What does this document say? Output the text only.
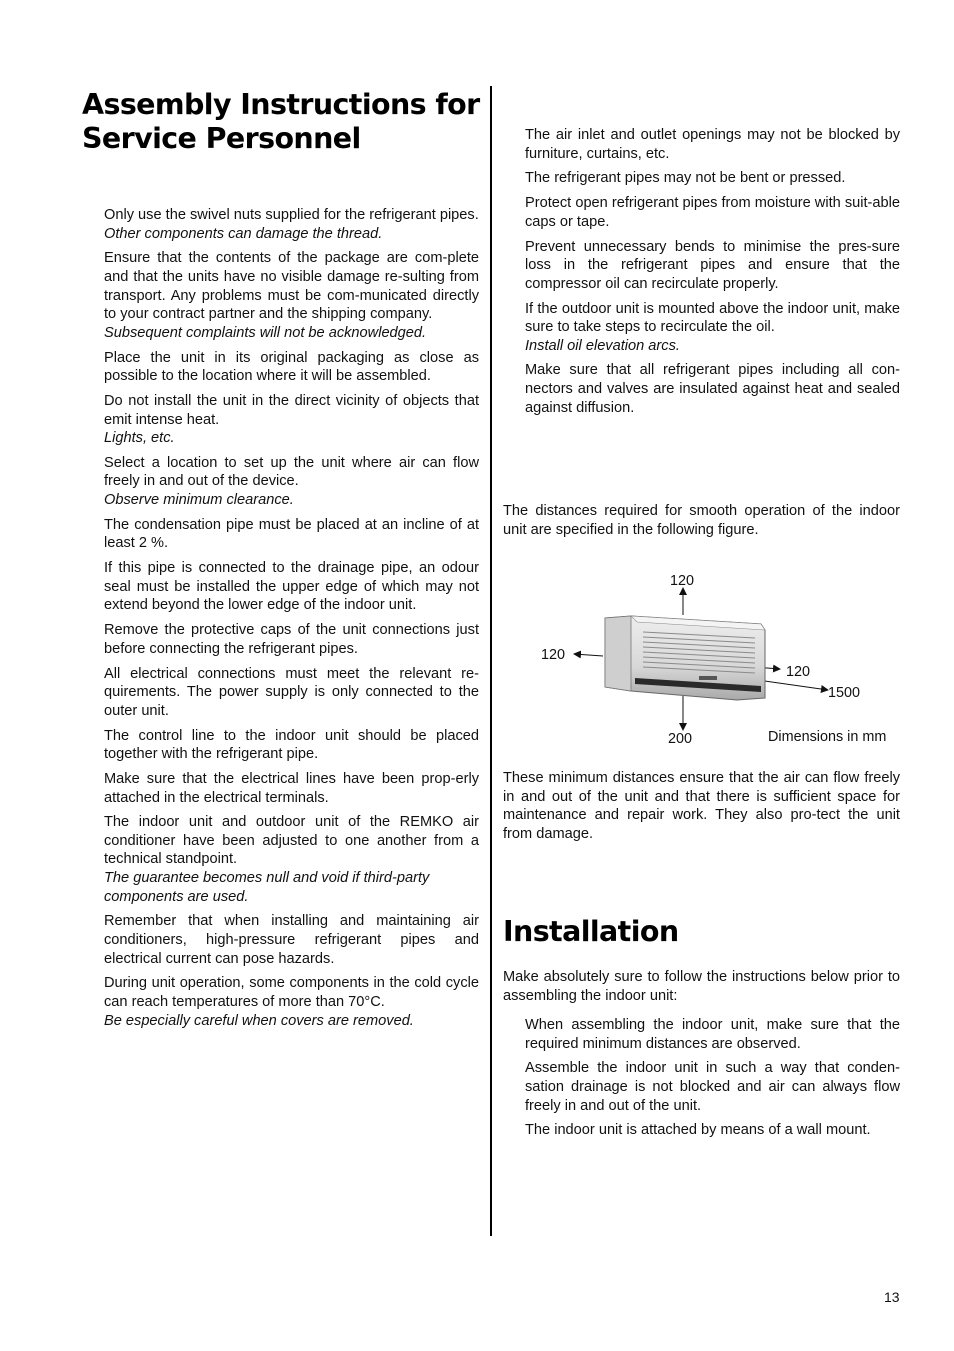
Assembly Instructions for
Service Personnel

Only use the swivel nuts supplied for the refrigerant pipes.
Other components can damage the thread.

Ensure that the contents of the package are com-plete and that the units have no visible damage re-sulting from transport. Any problems must be com-municated directly to your contract partner and the shipping company.
Subsequent complaints will not be acknowledged.

Place the unit in its original packaging as close as possible to the location where it will be assembled.

Do not install the unit in the direct vicinity of objects that emit intense heat.
Lights, etc.

Select a location to set up the unit where air can flow freely in and out of the device.
Observe minimum clearance.

The condensation pipe must be placed at an incline of at least 2 %.

If this pipe is connected to the drainage pipe, an odour seal must be installed the upper edge of which may not extend beyond the lower edge of the indoor unit.

Remove the protective caps of the unit connections just before connecting the refrigerant pipes.

All electrical connections must meet the relevant re-quirements. The power supply is only connected to the outer unit.

The control line to the indoor unit should be placed together with the refrigerant pipe.

Make sure that the electrical lines have been prop-erly attached in the electrical terminals.

The indoor unit and outdoor unit of the REMKO air conditioner have been adjusted to one another from a technical standpoint.
The guarantee becomes null and void if third-party components are used.

Remember that when installing and maintaining air conditioners, high-pressure refrigerant pipes and electrical current can pose hazards.

During unit operation, some components in the cold cycle can reach temperatures of more than 70°C.
Be especially careful when covers are removed.

The air inlet and outlet openings may not be blocked by furniture, curtains, etc.

The refrigerant pipes may not be bent or pressed.

Protect open refrigerant pipes from moisture with suit-able caps or tape.

Prevent unnecessary bends to minimise the pres-sure loss in the refrigerant pipes and ensure that the compressor oil can recirculate properly.

If the outdoor unit is mounted above the indoor unit, make sure to take steps to recirculate the oil.
Install oil elevation arcs.

Make sure that all refrigerant pipes including all con-nectors and valves are insulated against heat and sealed against diffusion.

The distances required for smooth operation of the indoor unit are specified in the following figure.

120
120
120
1500
200	Dimensions in mm

These minimum distances ensure that the air can flow freely in and out of the unit and that there is sufficient space for maintenance and repair work. They also pro-tect the unit from damage.

Installation

Make absolutely sure to follow the instructions below prior to assembling the indoor unit:

When assembling the indoor unit, make sure that the required minimum distances are observed.

Assemble the indoor unit in such a way that conden-sation drainage is not blocked and air can always flow freely in and out of the unit.

The indoor unit is attached by means of a wall mount.

13
